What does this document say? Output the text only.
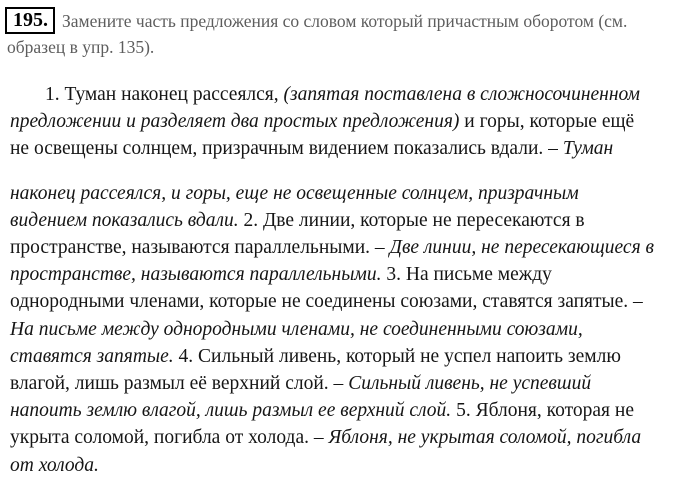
195. Замените часть предложения со словом который причастным оборотом (см.
образец в упр. 135).
1. Туман наконец рассеялся, (запятая поставлена в сложносочиненном
предложении и разделяет два простых предложения) и горы, которые ещё
не освещены солнцем, призрачным видением показались вдали. – Туман
наконец рассеялся, и горы, еще не освещенные солнцем, призрачным
видением показались вдали. 2. Две линии, которые не пересекаются в
пространстве, называются параллельными. – Две линии, не пересекающиеся в
пространстве, называются параллельными. 3. На письме между
однородными членами, которые не соединены союзами, ставятся запятые. –
На письме между однородными членами, не соединенными союзами,
ставятся запятые. 4. Сильный ливень, который не успел напоить землю
влагой, лишь размыл её верхний слой. – Сильный ливень, не успевший
напоить землю влагой, лишь размыл ее верхний слой. 5. Яблоня, которая не
укрыта соломой, погибла от холода. – Яблоня, не укрытая соломой, погибла
от холода.
